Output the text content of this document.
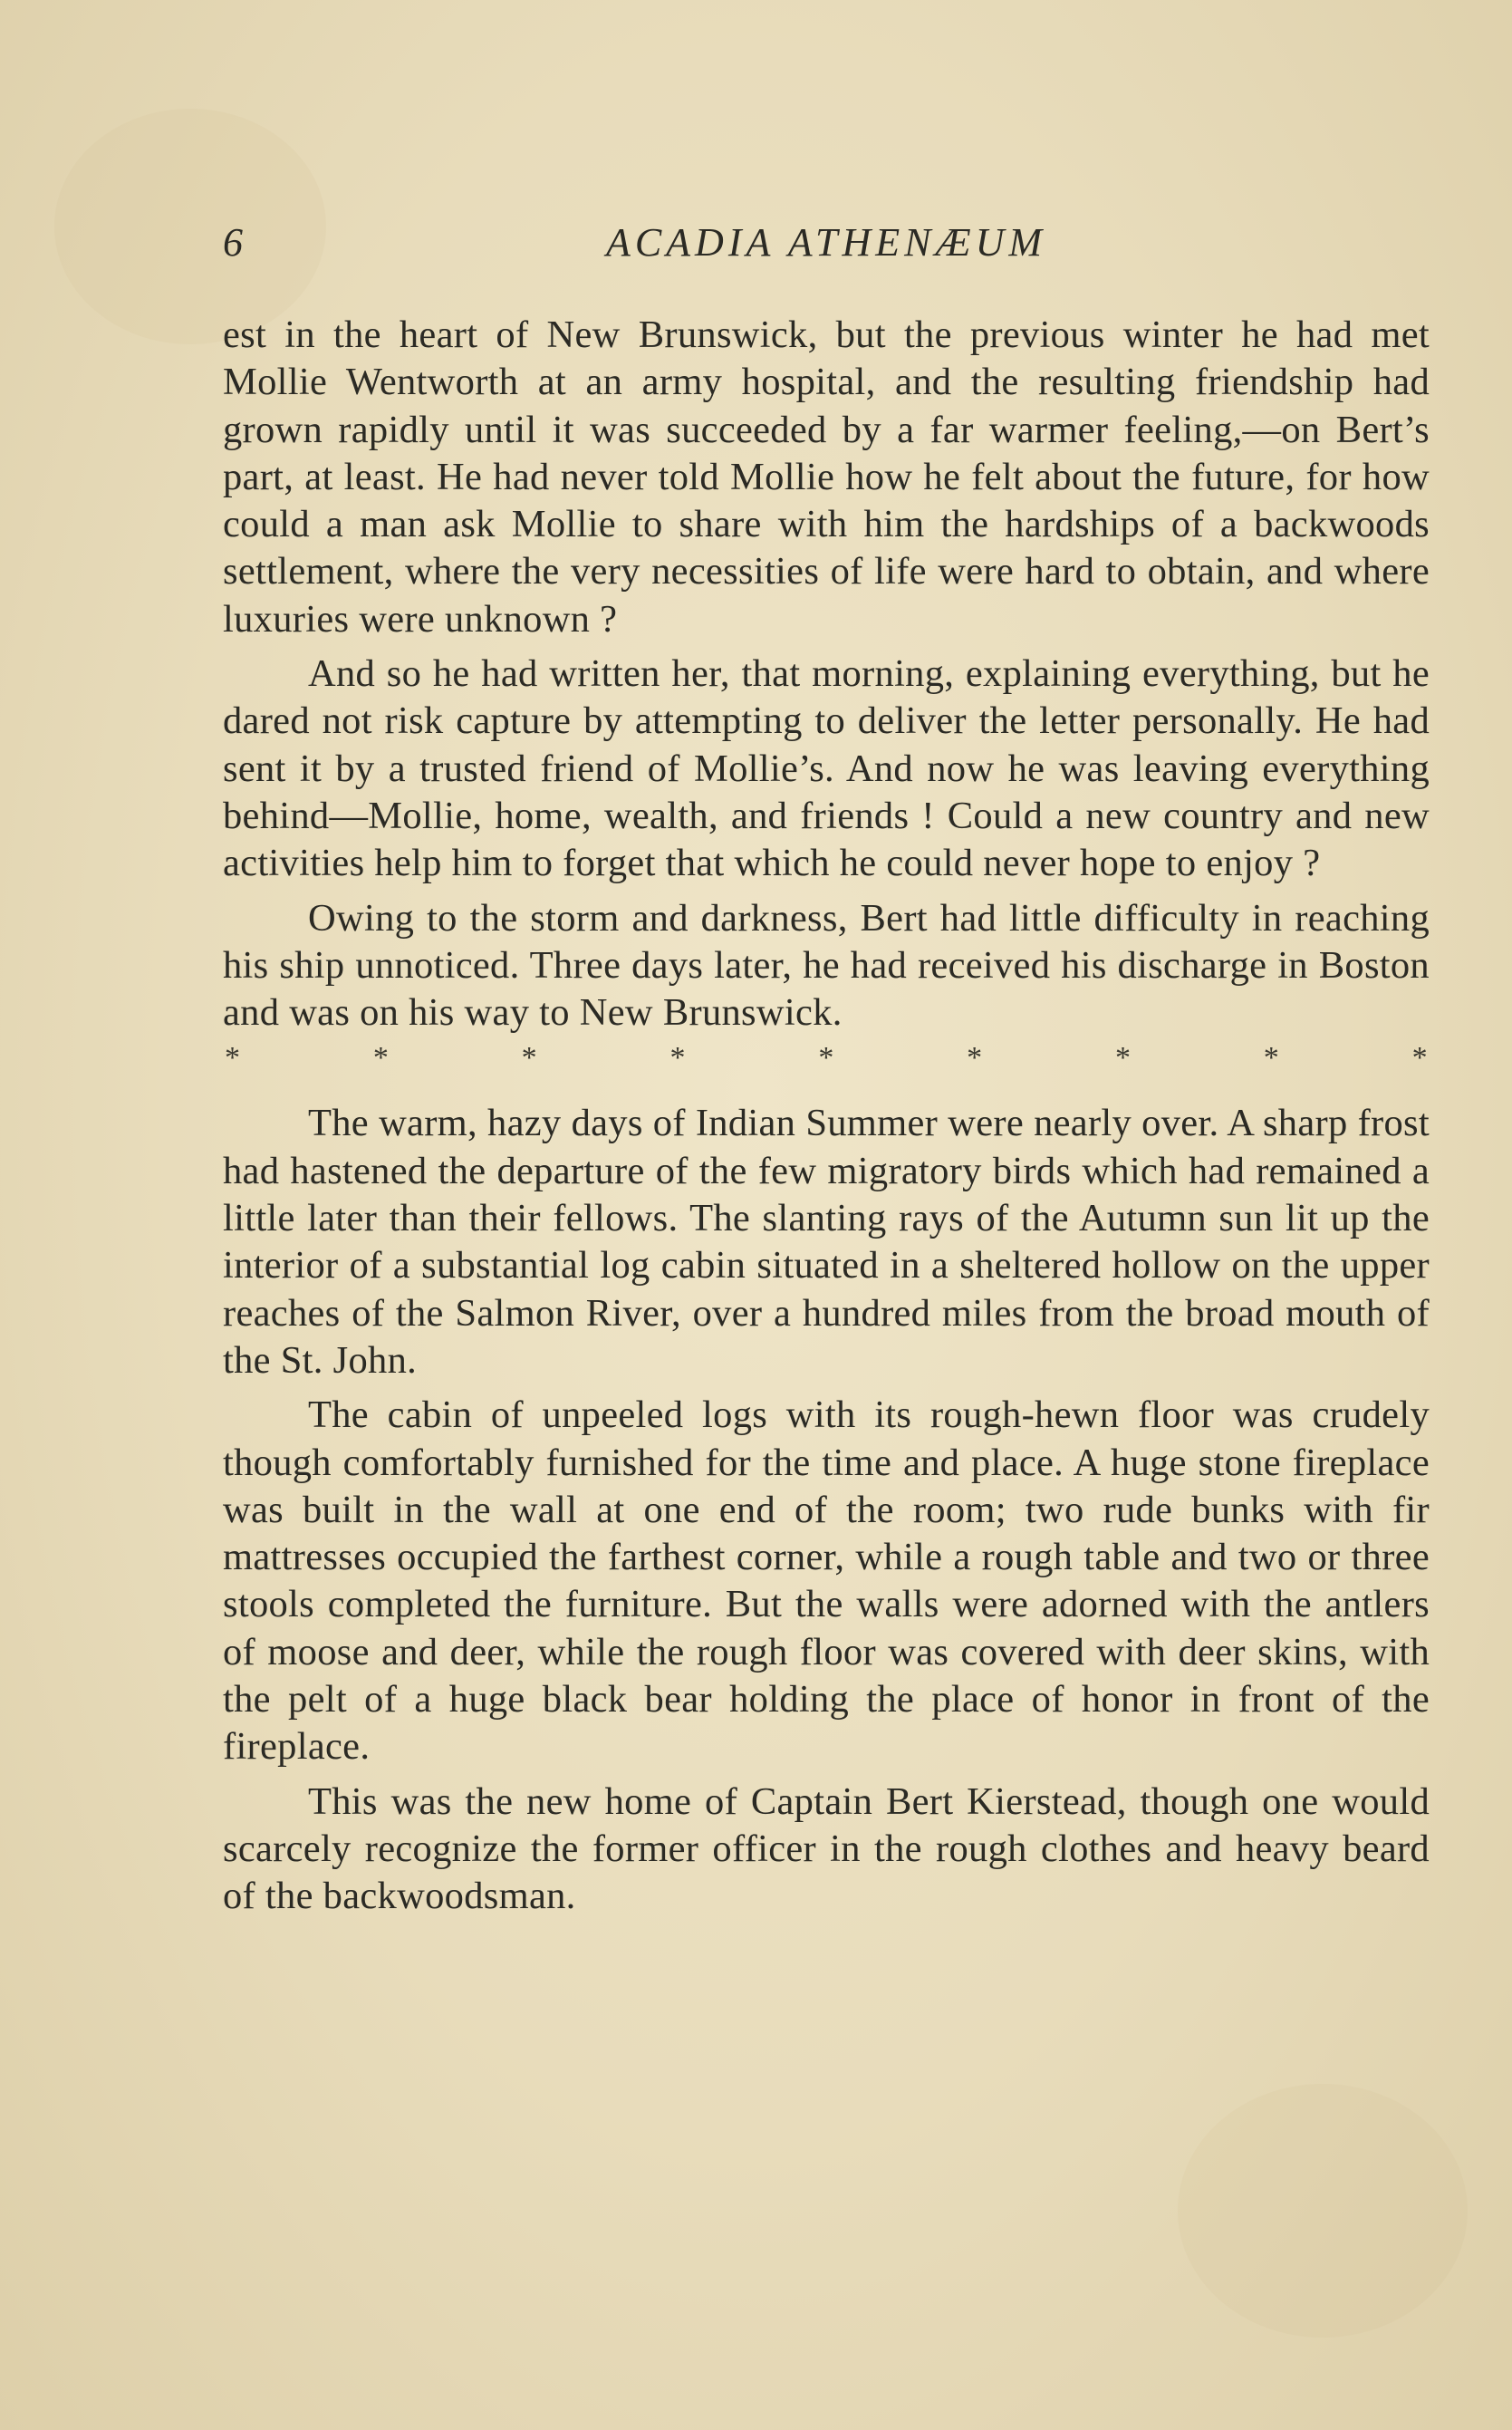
6	ACADIA ATHENÆUM

est in the heart of New Brunswick, but the previous winter he had met Mollie Wentworth at an army hospital, and the resulting friendship had grown rapidly until it was succeeded by a far warmer feeling,—on Bert’s part, at least. He had never told Mollie how he felt about the future, for how could a man ask Mollie to share with him the hardships of a backwoods settlement, where the very necessities of life were hard to obtain, and where luxuries were unknown ?

And so he had written her, that morning, explaining everything, but he dared not risk capture by attempting to deliver the letter personally. He had sent it by a trusted friend of Mollie’s. And now he was leaving everything behind—Mollie, home, wealth, and friends ! Could a new country and new activities help him to forget that which he could never hope to enjoy ?

Owing to the storm and darkness, Bert had little difficulty in reaching his ship unnoticed. Three days later, he had received his discharge in Boston and was on his way to New Brunswick.

*	*	*	*	*	*	*	*	*

The warm, hazy days of Indian Summer were nearly over. A sharp frost had hastened the departure of the few migratory birds which had remained a little later than their fellows. The slanting rays of the Autumn sun lit up the interior of a substantial log cabin situated in a sheltered hollow on the upper reaches of the Salmon River, over a hundred miles from the broad mouth of the St. John.

The cabin of unpeeled logs with its rough-hewn floor was crudely though comfortably furnished for the time and place. A huge stone fireplace was built in the wall at one end of the room; two rude bunks with fir mattresses occupied the farthest corner, while a rough table and two or three stools completed the furniture. But the walls were adorned with the antlers of moose and deer, while the rough floor was covered with deer skins, with the pelt of a huge black bear holding the place of honor in front of the fireplace.

This was the new home of Captain Bert Kierstead, though one would scarcely recognize the former officer in the rough clothes and heavy beard of the backwoodsman.
